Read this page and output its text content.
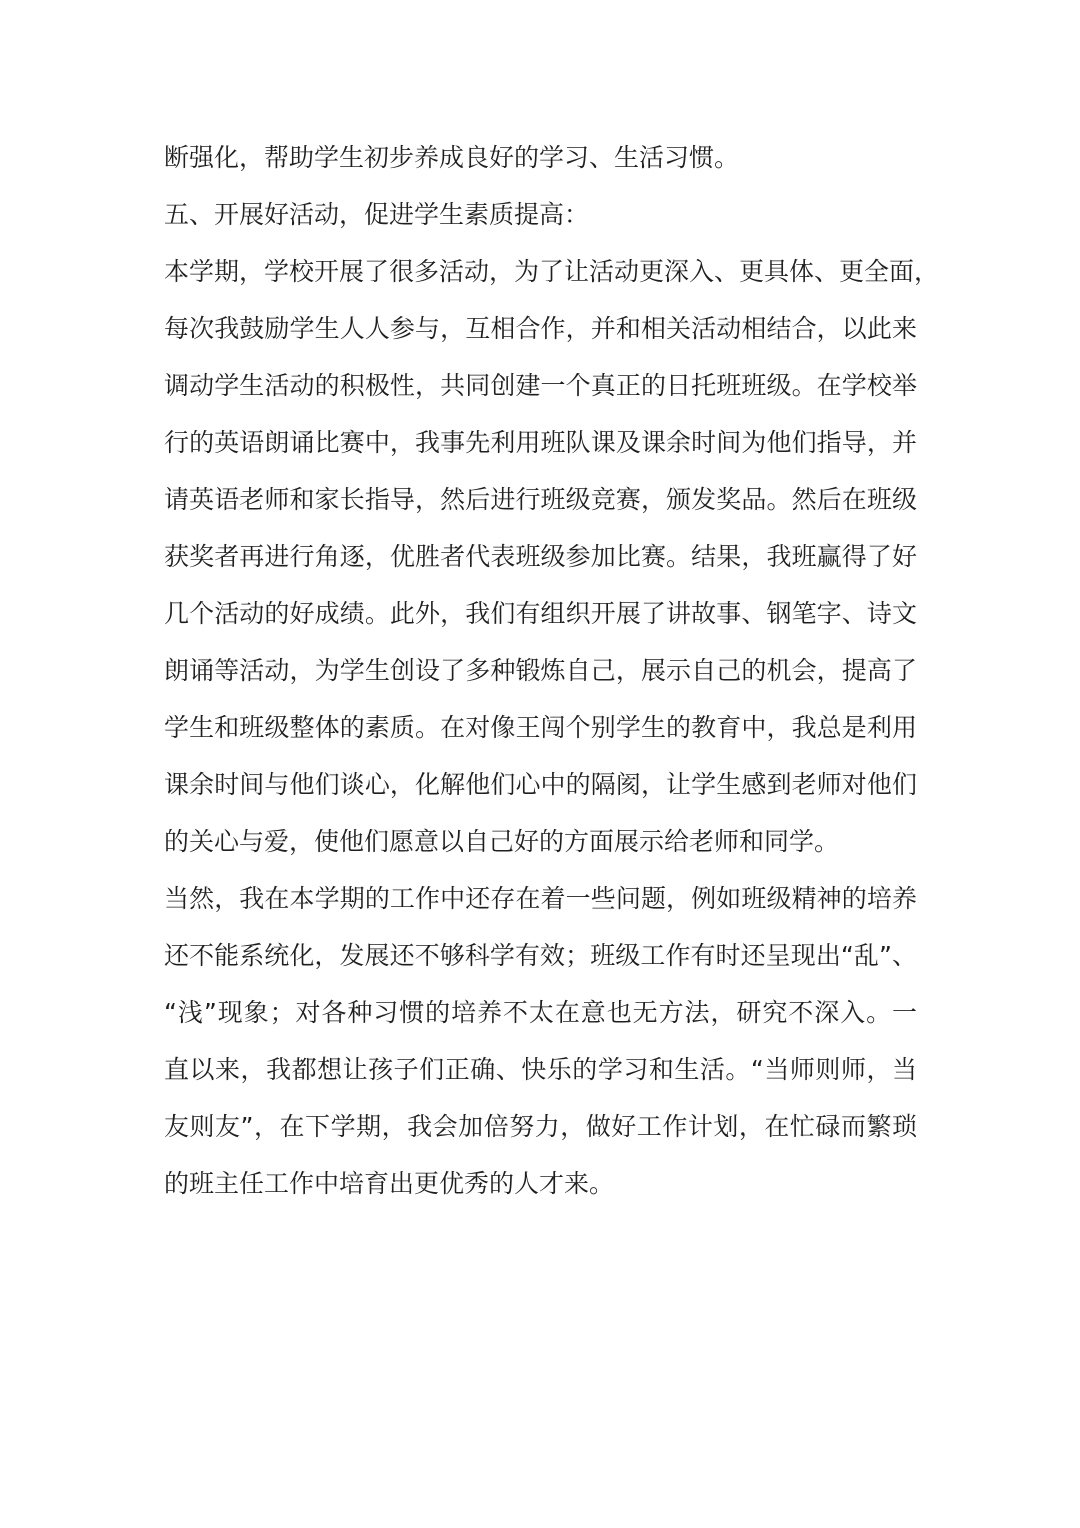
断强化，帮助学生初步养成良好的学习、生活习惯。
五、开展好活动，促进学生素质提高：
本学期，学校开展了很多活动，为了让活动更深入、更具体、更全面，
每次我鼓励学生人人参与，互相合作，并和相关活动相结合，以此来
调动学生活动的积极性，共同创建一个真正的日托班班级。在学校举
行的英语朗诵比赛中，我事先利用班队课及课余时间为他们指导，并
请英语老师和家长指导，然后进行班级竞赛，颁发奖品。然后在班级
获奖者再进行角逐，优胜者代表班级参加比赛。结果，我班赢得了好
几个活动的好成绩。此外，我们有组织开展了讲故事、钢笔字、诗文
朗诵等活动，为学生创设了多种锻炼自己，展示自己的机会，提高了
学生和班级整体的素质。在对像王闯个别学生的教育中，我总是利用
课余时间与他们谈心，化解他们心中的隔阂，让学生感到老师对他们
的关心与爱，使他们愿意以自己好的方面展示给老师和同学。
当然，我在本学期的工作中还存在着一些问题，例如班级精神的培养
还不能系统化，发展还不够科学有效；班级工作有时还呈现出“乱”、
“浅”现象；对各种习惯的培养不太在意也无方法，研究不深入。一
直以来，我都想让孩子们正确、快乐的学习和生活。“当师则师，当
友则友”，在下学期，我会加倍努力，做好工作计划，在忙碌而繁琐
的班主任工作中培育出更优秀的人才来。
